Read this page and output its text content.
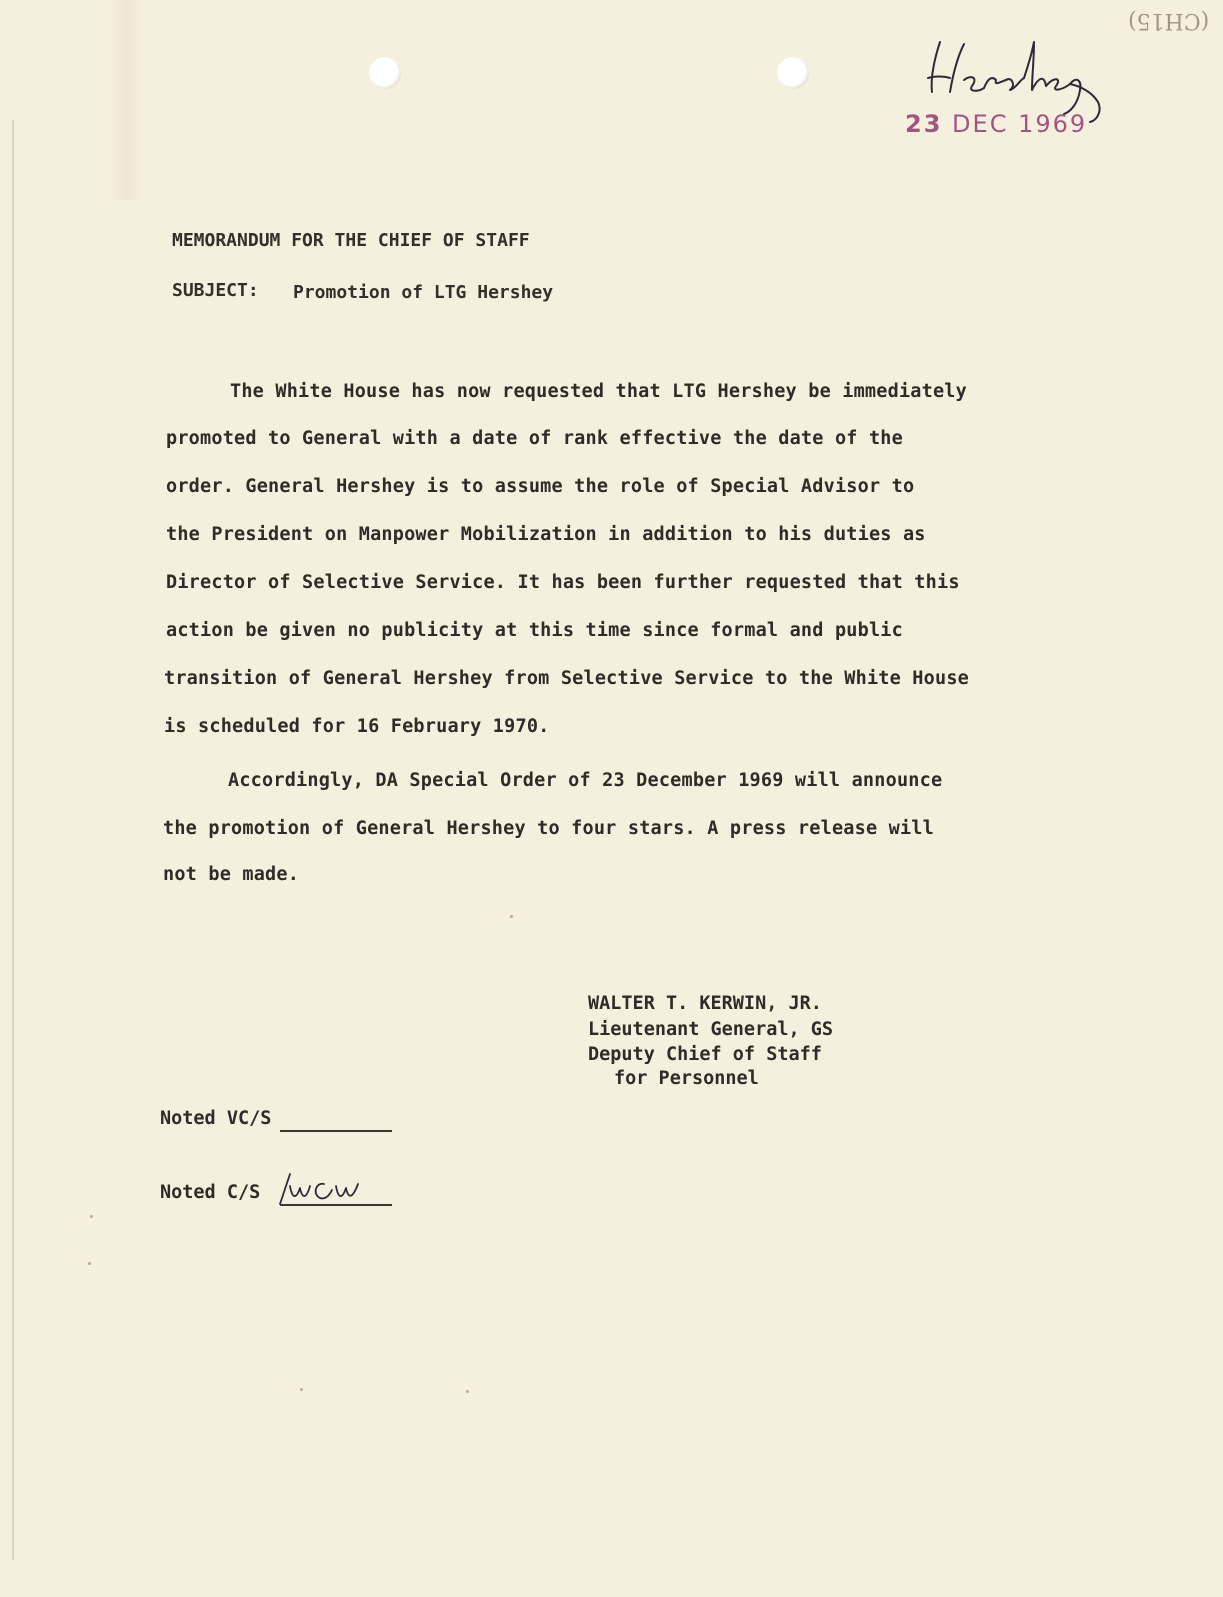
(CH15)
23 DEC 1969
MEMORANDUM FOR THE CHIEF OF STAFF
SUBJECT: Promotion of LTG Hershey
The White House has now requested that LTG Hershey be immediately
promoted to General with a date of rank effective the date of the
order. General Hershey is to assume the role of Special Advisor to
the President on Manpower Mobilization in addition to his duties as
Director of Selective Service. It has been further requested that this
action be given no publicity at this time since formal and public
transition of General Hershey from Selective Service to the White House
is scheduled for 16 February 1970.
Accordingly, DA Special Order of 23 December 1969 will announce
the promotion of General Hershey to four stars. A press release will
not be made.
WALTER T. KERWIN, JR.
Lieutenant General, GS
Deputy Chief of Staff
for Personnel
Noted VC/S
Noted C/S
